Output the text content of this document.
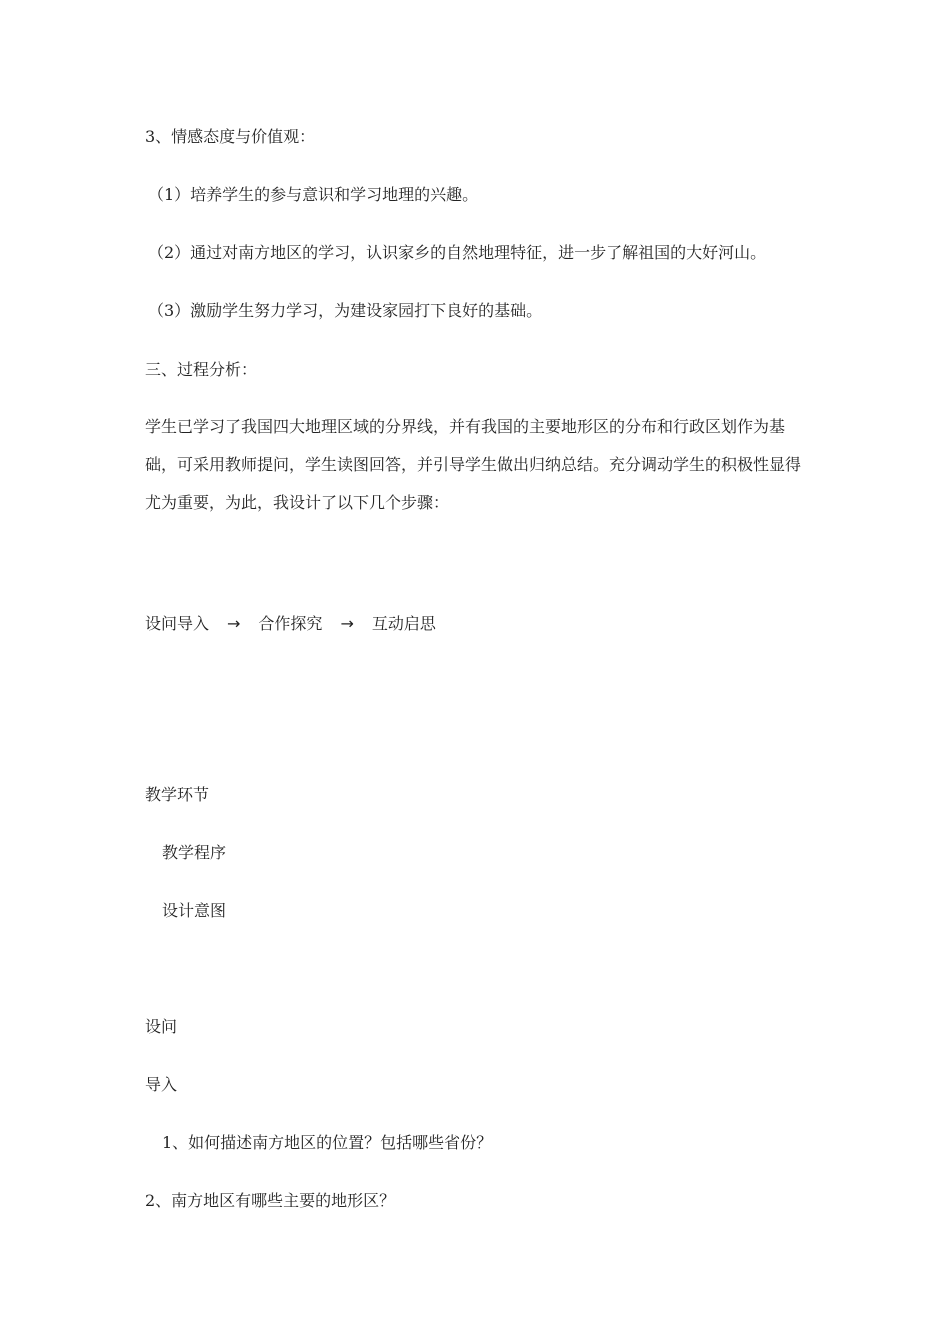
3、情感态度与价值观：
（1）培养学生的参与意识和学习地理的兴趣。
（2）通过对南方地区的学习，认识家乡的自然地理特征，进一步了解祖国的大好河山。
（3）激励学生努力学习，为建设家园打下良好的基础。
三、过程分析：
学生已学习了我国四大地理区域的分界线，并有我国的主要地形区的分布和行政区划作为基础，可采用教师提问，学生读图回答，并引导学生做出归纳总结。充分调动学生的积极性显得尤为重要，为此，我设计了以下几个步骤：
设问导入 → 合作探究 → 互动启思
教学环节
教学程序
设计意图
设问
导入
1、如何描述南方地区的位置？包括哪些省份？
2、南方地区有哪些主要的地形区？
